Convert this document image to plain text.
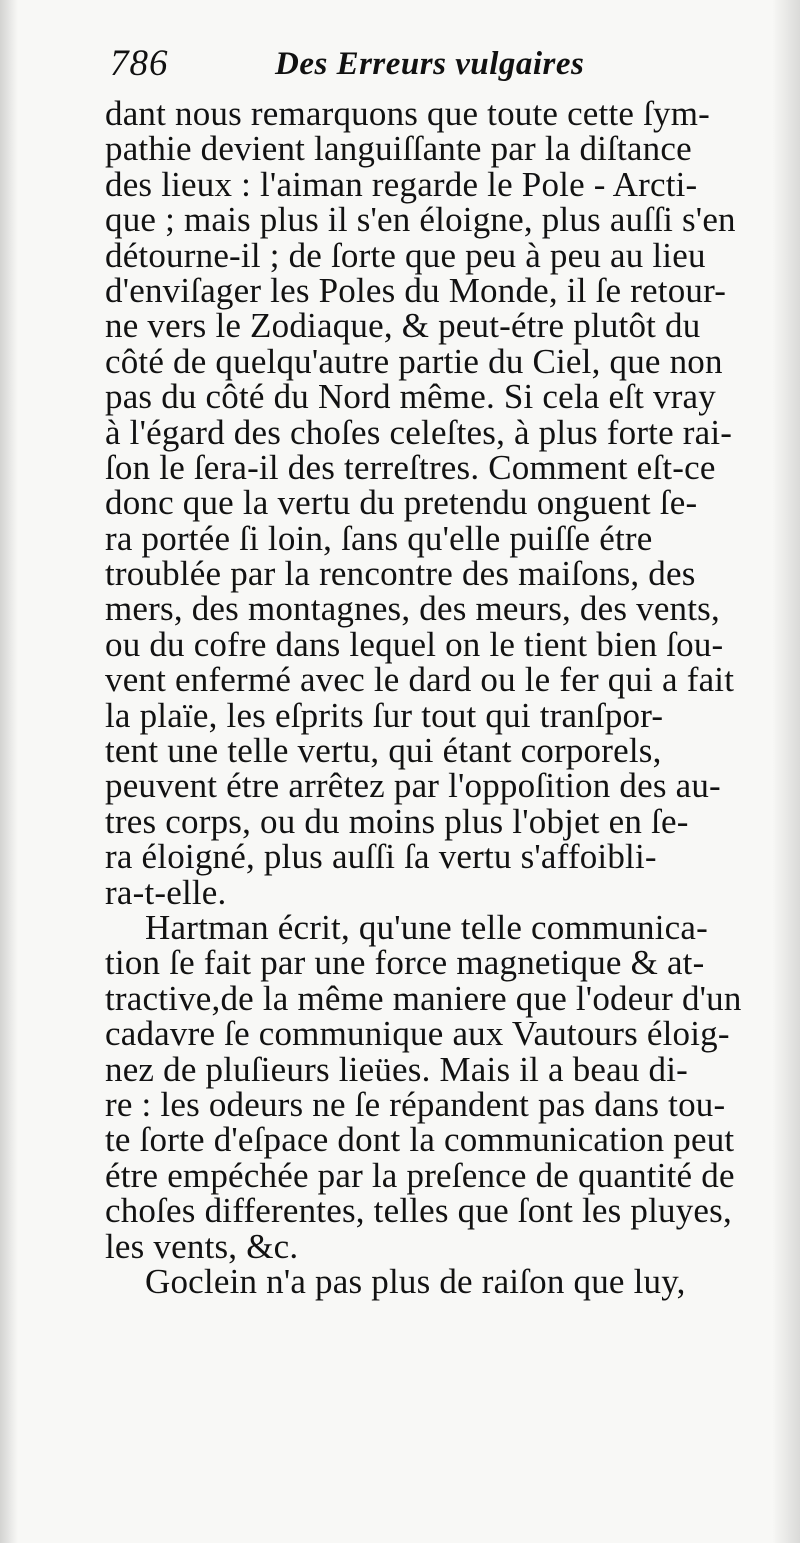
786	Des Erreurs vulgaires
dant nous remarquons que toute cette ſym-
pathie devient languiſſante par la diſtance
des lieux : l'aiman regarde le Pole - Arcti-
que ; mais plus il s'en éloigne, plus auſſi s'en
détourne-il ; de ſorte que peu à peu au lieu
d'enviſager les Poles du Monde, il ſe retour-
ne vers le Zodiaque, & peut-étre plutôt du
côté de quelqu'autre partie du Ciel, que non
pas du côté du Nord même. Si cela eſt vray
à l'égard des choſes celeſtes, à plus forte rai-
ſon le ſera-il des terreſtres. Comment eſt-ce
donc que la vertu du pretendu onguent ſe-
ra portée ſi loin, ſans qu'elle puiſſe étre
troublée par la rencontre des maiſons, des
mers, des montagnes, des meurs, des vents,
ou du cofre dans lequel on le tient bien ſou-
vent enfermé avec le dard ou le fer qui a fait
la plaïe, les eſprits ſur tout qui tranſpor-
tent une telle vertu, qui étant corporels,
peuvent étre arrêtez par l'oppoſition des au-
tres corps, ou du moins plus l'objet en ſe-
ra éloigné, plus auſſi ſa vertu s'affoibli-
ra-t-elle.
Hartman écrit, qu'une telle communica-
tion ſe fait par une force magnetique & at-
tractive,de la même maniere que l'odeur d'un
cadavre ſe communique aux Vautours éloig-
nez de pluſieurs lieües. Mais il a beau di-
re : les odeurs ne ſe répandent pas dans tou-
te ſorte d'eſpace dont la communication peut
étre empéchée par la preſence de quantité de
choſes differentes, telles que ſont les pluyes,
les vents, &c.
Goclein n'a pas plus de raiſon que luy,
